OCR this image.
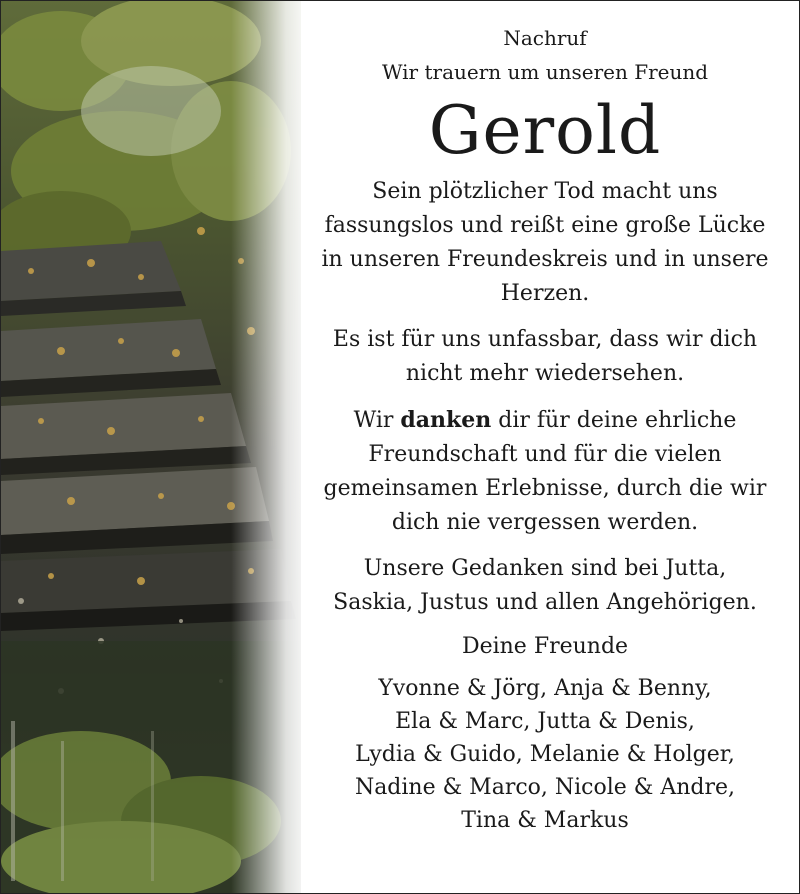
Nachruf

Wir trauern um unseren Freund

Gerold
Sein plötzlicher Tod macht uns
fassungslos und reißt eine große Lücke
in unseren Freundeskreis und in unsere
Herzen.
Es ist für uns unfassbar, dass wir dich
nicht mehr wiedersehen.
Wir danken dir für deine ehrliche
Freundschaft und für die vielen
gemeinsamen Erlebnisse, durch die wir
dich nie vergessen werden.
Unsere Gedanken sind bei Jutta,
Saskia, Justus und allen Angehörigen.

Deine Freunde

Yvonne & Jörg, Anja & Benny,
Ela & Marc, Jutta & Denis,
Lydia & Guido, Melanie & Holger,
Nadine & Marco, Nicole & Andre,
Tina & Markus
